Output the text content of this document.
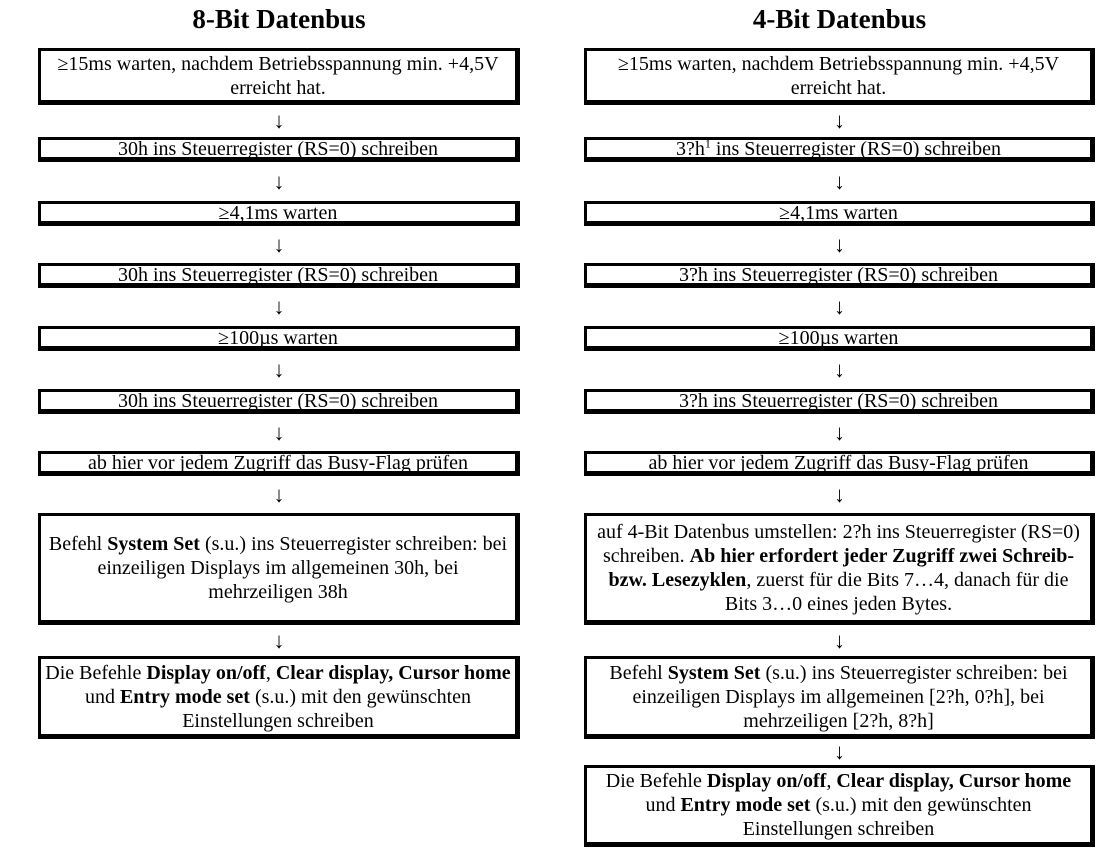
8-Bit Datenbus
≥15ms warten, nachdem Betriebsspannung min. +4,5V erreicht hat.
↓
30h ins Steuerregister (RS=0) schreiben
↓
≥4,1ms warten
↓
30h ins Steuerregister (RS=0) schreiben
↓
≥100µs warten
↓
30h ins Steuerregister (RS=0) schreiben
↓
ab hier vor jedem Zugriff das Busy-Flag prüfen
↓
Befehl System Set (s.u.) ins Steuerregister schreiben: bei einzeiligen Displays im allgemeinen 30h, bei mehrzeiligen 38h
↓
Die Befehle Display on/off, Clear display, Cursor home und Entry mode set (s.u.) mit den gewünschten Einstellungen schreiben
4-Bit Datenbus
≥15ms warten, nachdem Betriebsspannung min. +4,5V erreicht hat.
↓
$3?h^1$ ins Steuerregister (RS=0) schreiben
↓
≥4,1ms warten
↓
3?h ins Steuerregister (RS=0) schreiben
↓
≥100µs warten
↓
3?h ins Steuerregister (RS=0) schreiben
↓
ab hier vor jedem Zugriff das Busy-Flag prüfen
↓
auf 4-Bit Datenbus umstellen: 2?h ins Steuerregister (RS=0) schreiben. Ab hier erfordert jeder Zugriff zwei Schreib- bzw. Lesezyklen, zuerst für die Bits 7…4, danach für die Bits 3…0 eines jeden Bytes.
↓
Befehl System Set (s.u.) ins Steuerregister schreiben: bei einzeiligen Displays im allgemeinen [2?h, 0?h], bei mehrzeiligen [2?h, 8?h]
↓
Die Befehle Display on/off, Clear display, Cursor home und Entry mode set (s.u.) mit den gewünschten Einstellungen schreiben
